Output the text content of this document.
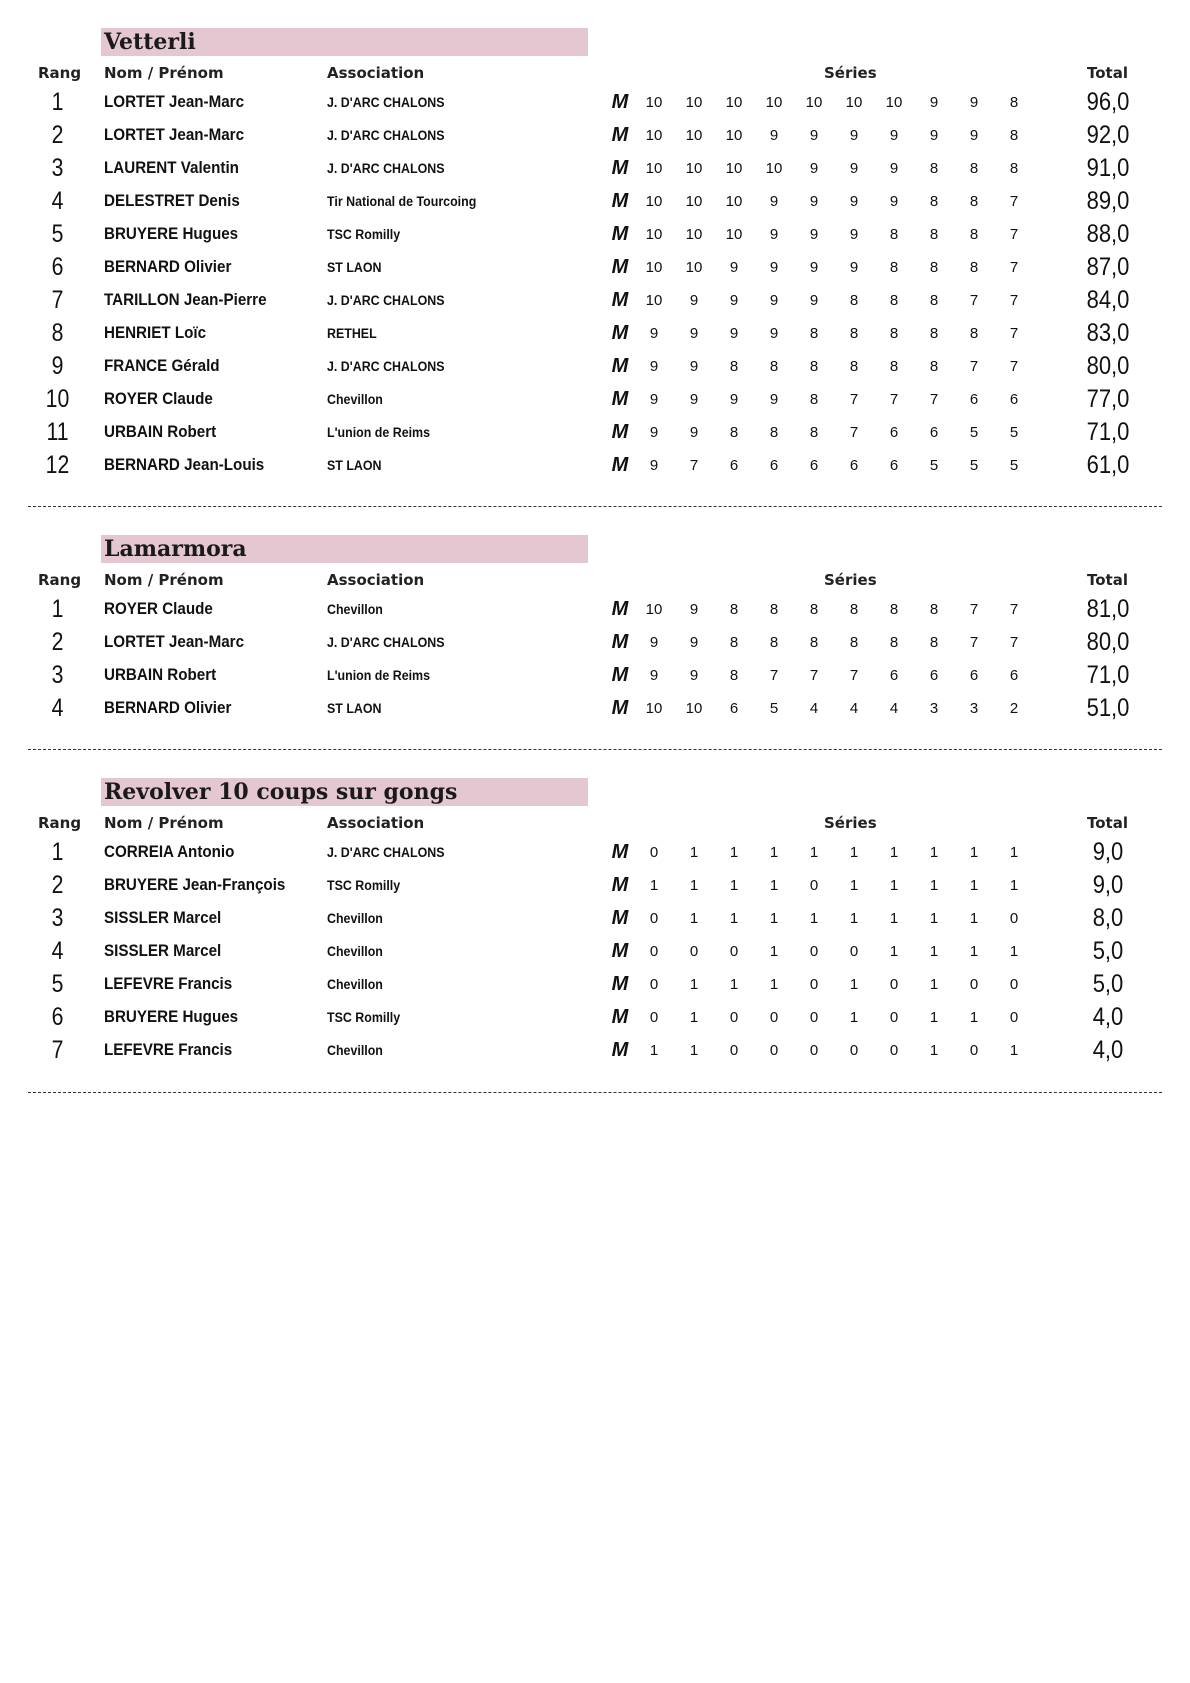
Vetterli
Rang Nom / Prénom	Association	Séries	Total
1	LORTET Jean-Marc	J. D'ARC CHALONS	M	10	10	10	10	10	10	10	9	9	8	96,0
2	LORTET Jean-Marc	J. D'ARC CHALONS	M	10	10	10	9	9	9	9	9	9	8	92,0
3	LAURENT Valentin	J. D'ARC CHALONS	M	10	10	10	10	9	9	9	8	8	8	91,0
4	DELESTRET Denis	Tir National de Tourcoing	M	10	10	10	9	9	9	9	8	8	7	89,0
5	BRUYERE Hugues	TSC Romilly	M	10	10	10	9	9	9	8	8	8	7	88,0
6	BERNARD Olivier	ST LAON	M	10	10	9	9	9	9	8	8	8	7	87,0
7	TARILLON Jean-Pierre	J. D'ARC CHALONS	M	10	9	9	9	9	8	8	8	7	7	84,0
8	HENRIET Loïc	RETHEL	M	9	9	9	9	8	8	8	8	8	7	83,0
9	FRANCE Gérald	J. D'ARC CHALONS	M	9	9	8	8	8	8	8	8	7	7	80,0
10	ROYER Claude	Chevillon	M	9	9	9	9	8	7	7	7	6	6	77,0
11	URBAIN Robert	L'union de Reims	M	9	9	8	8	8	7	6	6	5	5	71,0
12	BERNARD Jean-Louis	ST LAON	M	9	7	6	6	6	6	6	5	5	5	61,0
Lamarmora
Rang Nom / Prénom	Association	Séries	Total
1	ROYER Claude	Chevillon	M	10	9	8	8	8	8	8	8	7	7	81,0
2	LORTET Jean-Marc	J. D'ARC CHALONS	M	9	9	8	8	8	8	8	8	7	7	80,0
3	URBAIN Robert	L'union de Reims	M	9	9	8	7	7	7	6	6	6	6	71,0
4	BERNARD Olivier	ST LAON	M	10	10	6	5	4	4	4	3	3	2	51,0
Revolver 10 coups sur gongs
Rang Nom / Prénom	Association	Séries	Total
1	CORREIA Antonio	J. D'ARC CHALONS	M	0	1	1	1	1	1	1	1	1	1	9,0
2	BRUYERE Jean-François	TSC Romilly	M	1	1	1	1	0	1	1	1	1	1	9,0
3	SISSLER Marcel	Chevillon	M	0	1	1	1	1	1	1	1	1	0	8,0
4	SISSLER Marcel	Chevillon	M	0	0	0	1	0	0	1	1	1	1	5,0
5	LEFEVRE Francis	Chevillon	M	0	1	1	1	0	1	0	1	0	0	5,0
6	BRUYERE Hugues	TSC Romilly	M	0	1	0	0	0	1	0	1	1	0	4,0
7	LEFEVRE Francis	Chevillon	M	1	1	0	0	0	0	0	1	0	1	4,0
